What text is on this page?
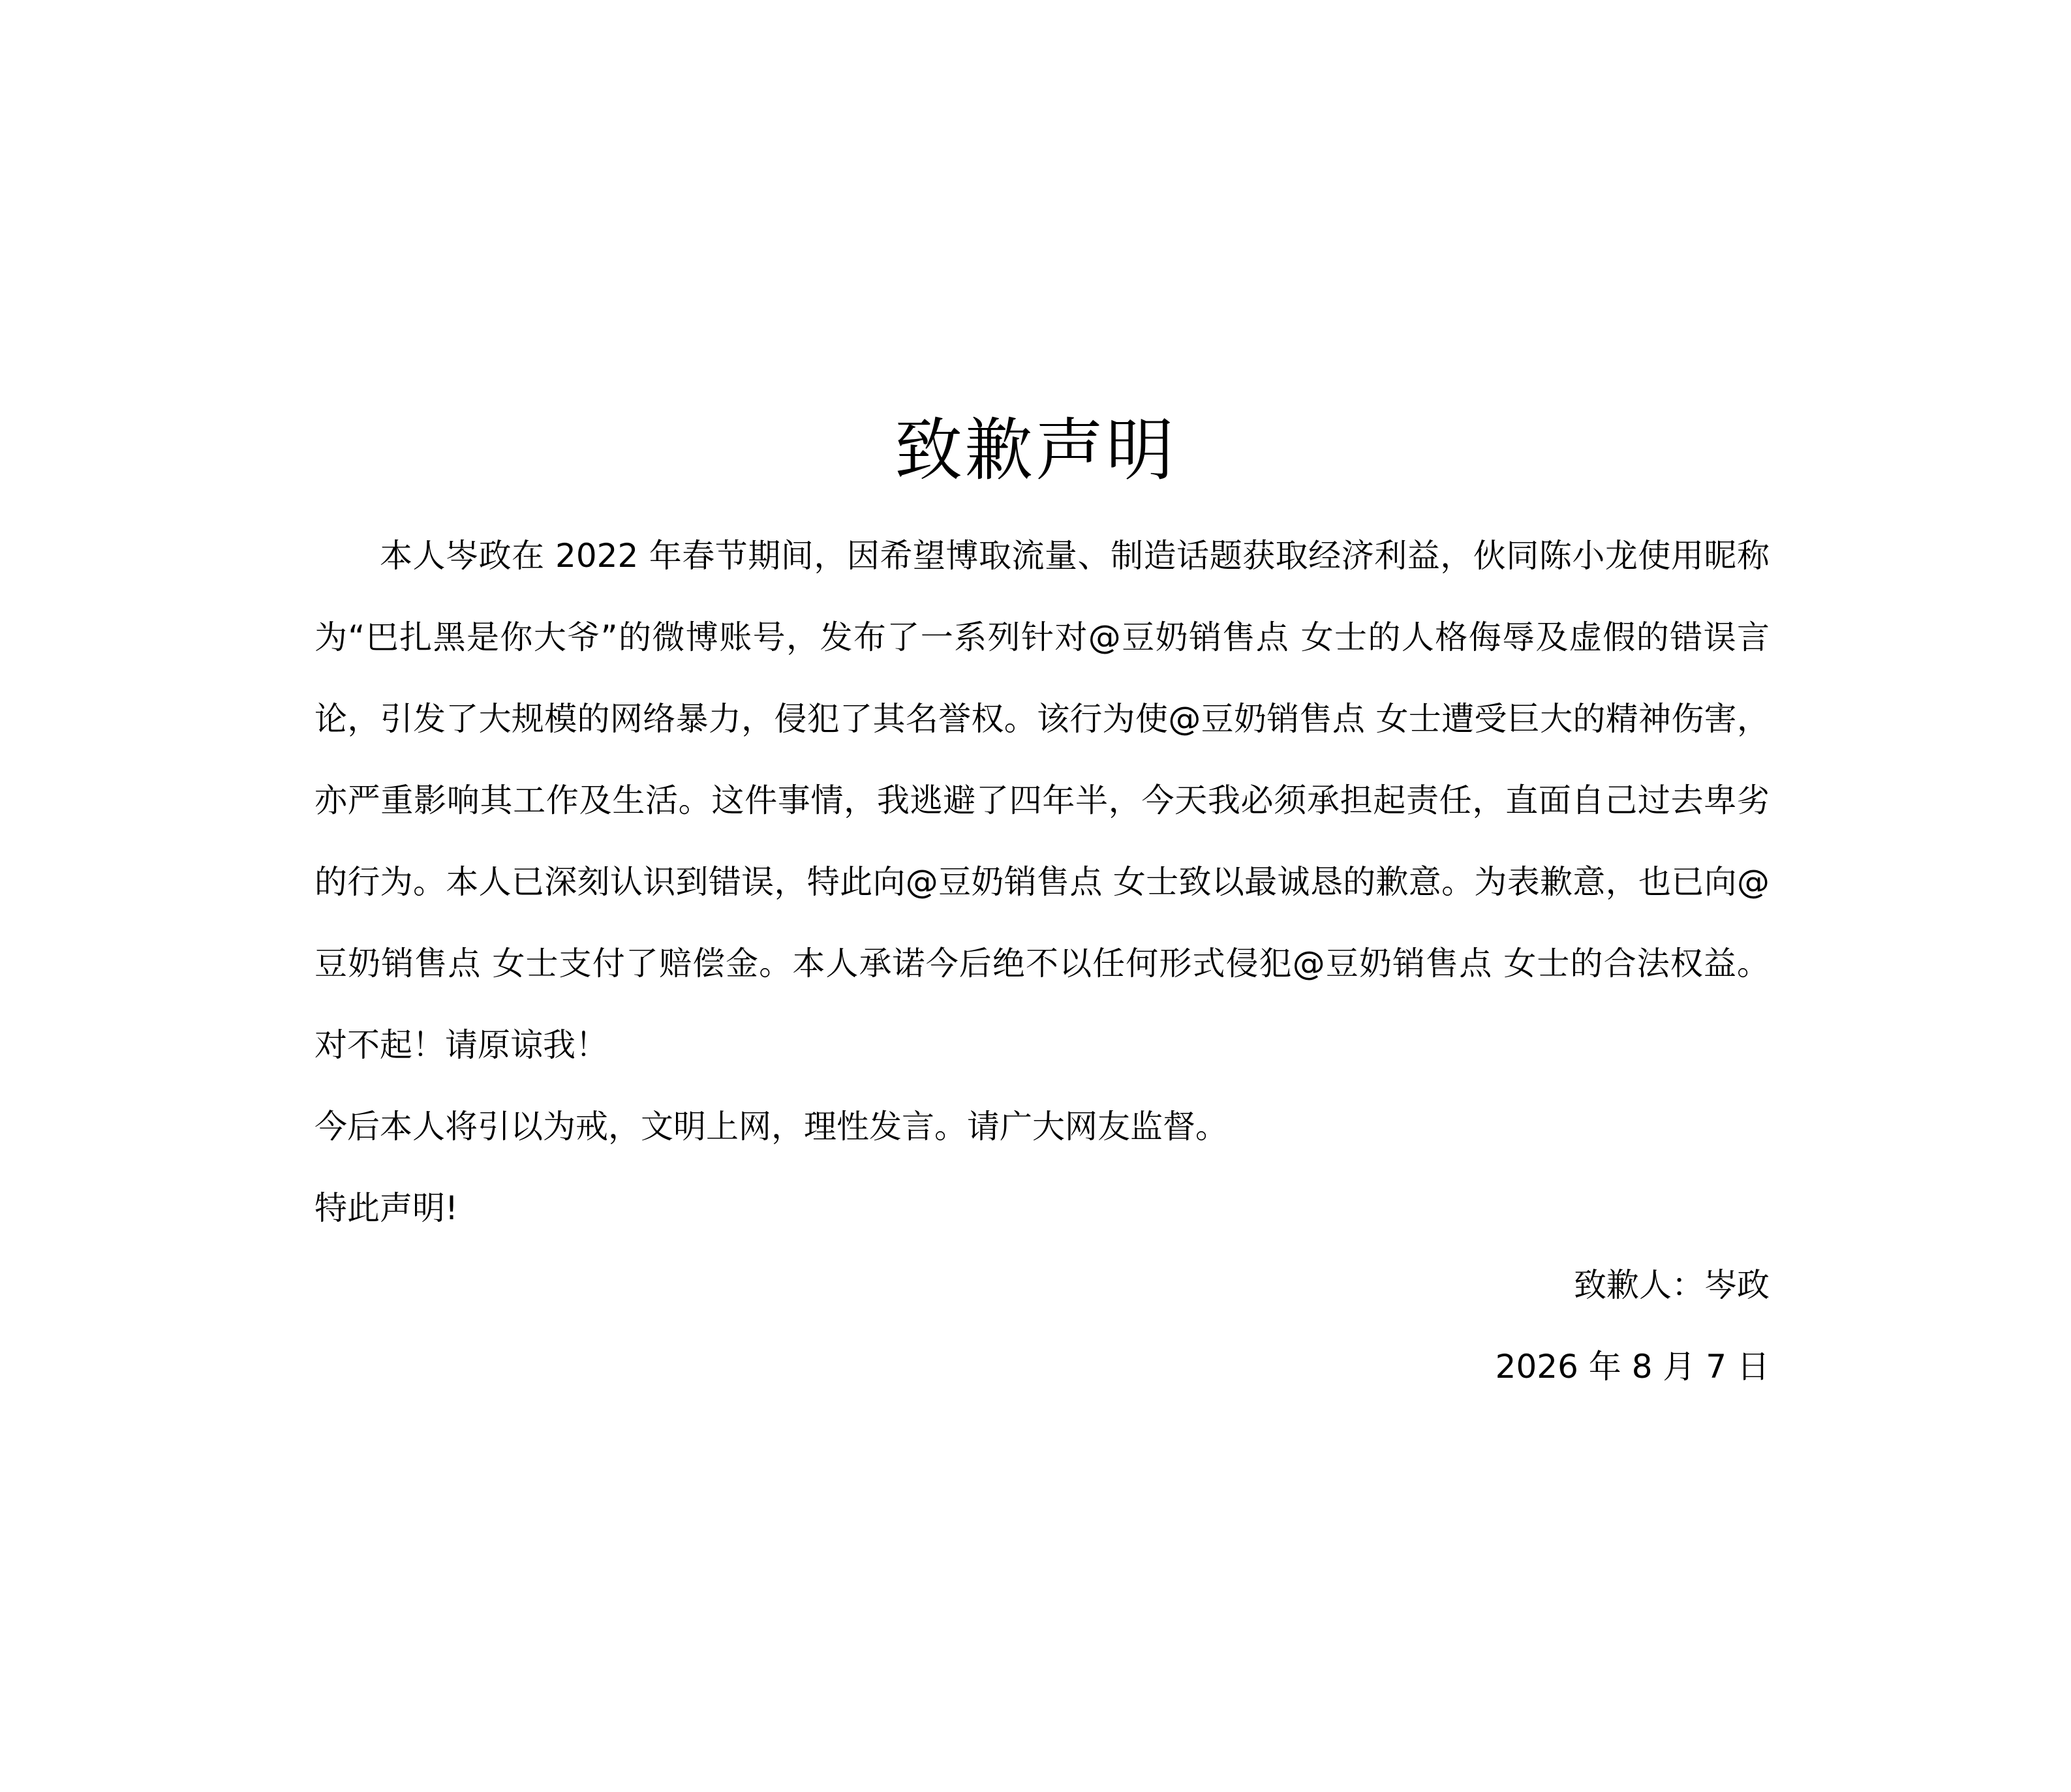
致歉声明

本人岑政在 2022 年春节期间，因希望博取流量、制造话题获取经济利益，伙同陈小龙使用昵称为“巴扎黑是你大爷”的微博账号，发布了一系列针对@豆奶销售点 女士的人格侮辱及虚假的错误言论，引发了大规模的网络暴力，侵犯了其名誉权。该行为使@豆奶销售点 女士遭受巨大的精神伤害，亦严重影响其工作及生活。这件事情，我逃避了四年半，今天我必须承担起责任，直面自己过去卑劣的行为。本人已深刻认识到错误，特此向@豆奶销售点 女士致以最诚恳的歉意。为表歉意，也已向@豆奶销售点 女士支付了赔偿金。本人承诺今后绝不以任何形式侵犯@豆奶销售点 女士的合法权益。对不起！请原谅我！

今后本人将引以为戒，文明上网，理性发言。请广大网友监督。

特此声明!

致歉人：岑政
2026 年 8 月 7 日
